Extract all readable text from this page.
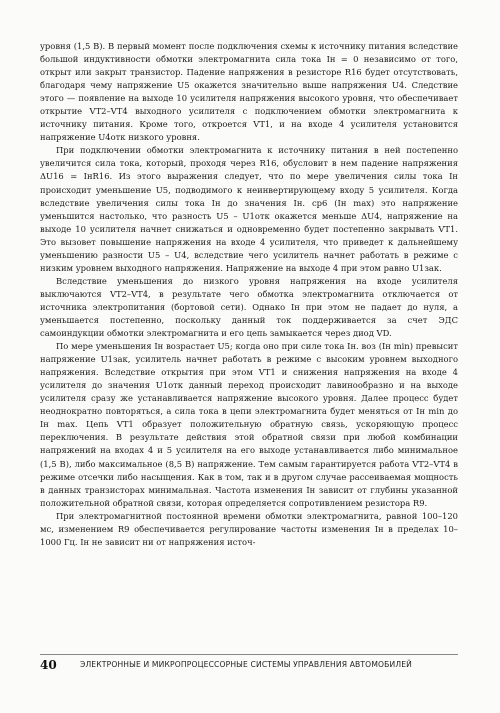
уровня (1,5 В). В первый момент после подключения схемы к источнику питания вследствие большой индуктивности обмотки электромагнита сила тока Iн = 0 независимо от того, открыт или закрыт транзистор. Падение напряжения в резисторе R16 будет отсутствовать, благодаря чему напряжение U5 окажется значительно выше напряжения U4. Следствие этого — появление на выходе 10 усилителя напряжения высокого уровня, что обеспечивает открытие VT2–VT4 выходного усилителя с подключением обмотки электромагнита к источнику питания. Кроме того, откроется VT1, и на входе 4 усилителя установится напряжение U4отк низкого уровня.

При подключении обмотки электромагнита к источнику питания в ней постепенно увеличится сила тока, который, проходя через R16, обусловит в нем падение напряжения ΔU16 = IнR16. Из этого выражения следует, что по мере увеличения силы тока Iн происходит уменьшение U5, подводимого к неинвертирующему входу 5 усилителя. Когда вследствие увеличения силы тока Iн до значения Iн. ср6 (Iн max) это напряжение уменьшится настолько, что разность U5 – U1отк окажется меньше ΔU4, напряжение на выходе 10 усилителя начнет снижаться и одновременно будет постепенно закрывать VT1. Это вызовет повышение напряжения на входе 4 усилителя, что приведет к дальнейшему уменьшению разности U5 – U4, вследствие чего усилитель начнет работать в режиме с низким уровнем выходного напряжения. Напряжение на выходе 4 при этом равно U1зак.

Вследствие уменьшения до низкого уровня напряжения на входе усилителя выключаются VT2–VT4, в результате чего обмотка электромагнита отключается от источника электропитания (бортовой сети). Однако Iн при этом не падает до нуля, а уменьшается постепенно, поскольку данный ток поддерживается за счет ЭДС самоиндукции обмотки электромагнита и его цепь замыкается через диод VD.

По мере уменьшения Iн возрастает U5; когда оно при силе тока Iн. воз (Iн min) превысит напряжение U1зак, усилитель начнет работать в режиме с высоким уровнем выходного напряжения. Вследствие открытия при этом VT1 и снижения напряжения на входе 4 усилителя до значения U1отк данный переход происходит лавинообразно и на выходе усилителя сразу же устанавливается напряжение высокого уровня. Далее процесс будет неоднократно повторяться, а сила тока в цепи электромагнита будет меняться от Iн min до Iн max. Цепь VT1 образует положительную обратную связь, ускоряющую процесс переключения. В результате действия этой обратной связи при любой комбинации напряжений на входах 4 и 5 усилителя на его выходе устанавливается либо минимальное (1,5 В), либо максимальное (8,5 В) напряжение. Тем самым гарантируется работа VT2–VT4 в режиме отсечки либо насыщения. Как в том, так и в другом случае рассеиваемая мощность в данных транзисторах минимальная. Частота изменения Iн зависит от глубины указанной положительной обратной связи, которая определяется сопротивлением резистора R9.

При электромагнитной постоянной времени обмотки электромагнита, равной 100–120 мс, изменением R9 обеспечивается регулирование частоты изменения Iн в пределах 10–1000 Гц. Iн не зависит ни от напряжения источ-

40	ЭЛЕКТРОННЫЕ И МИКРОПРОЦЕССОРНЫЕ СИСТЕМЫ УПРАВЛЕНИЯ АВТОМОБИЛЕЙ
